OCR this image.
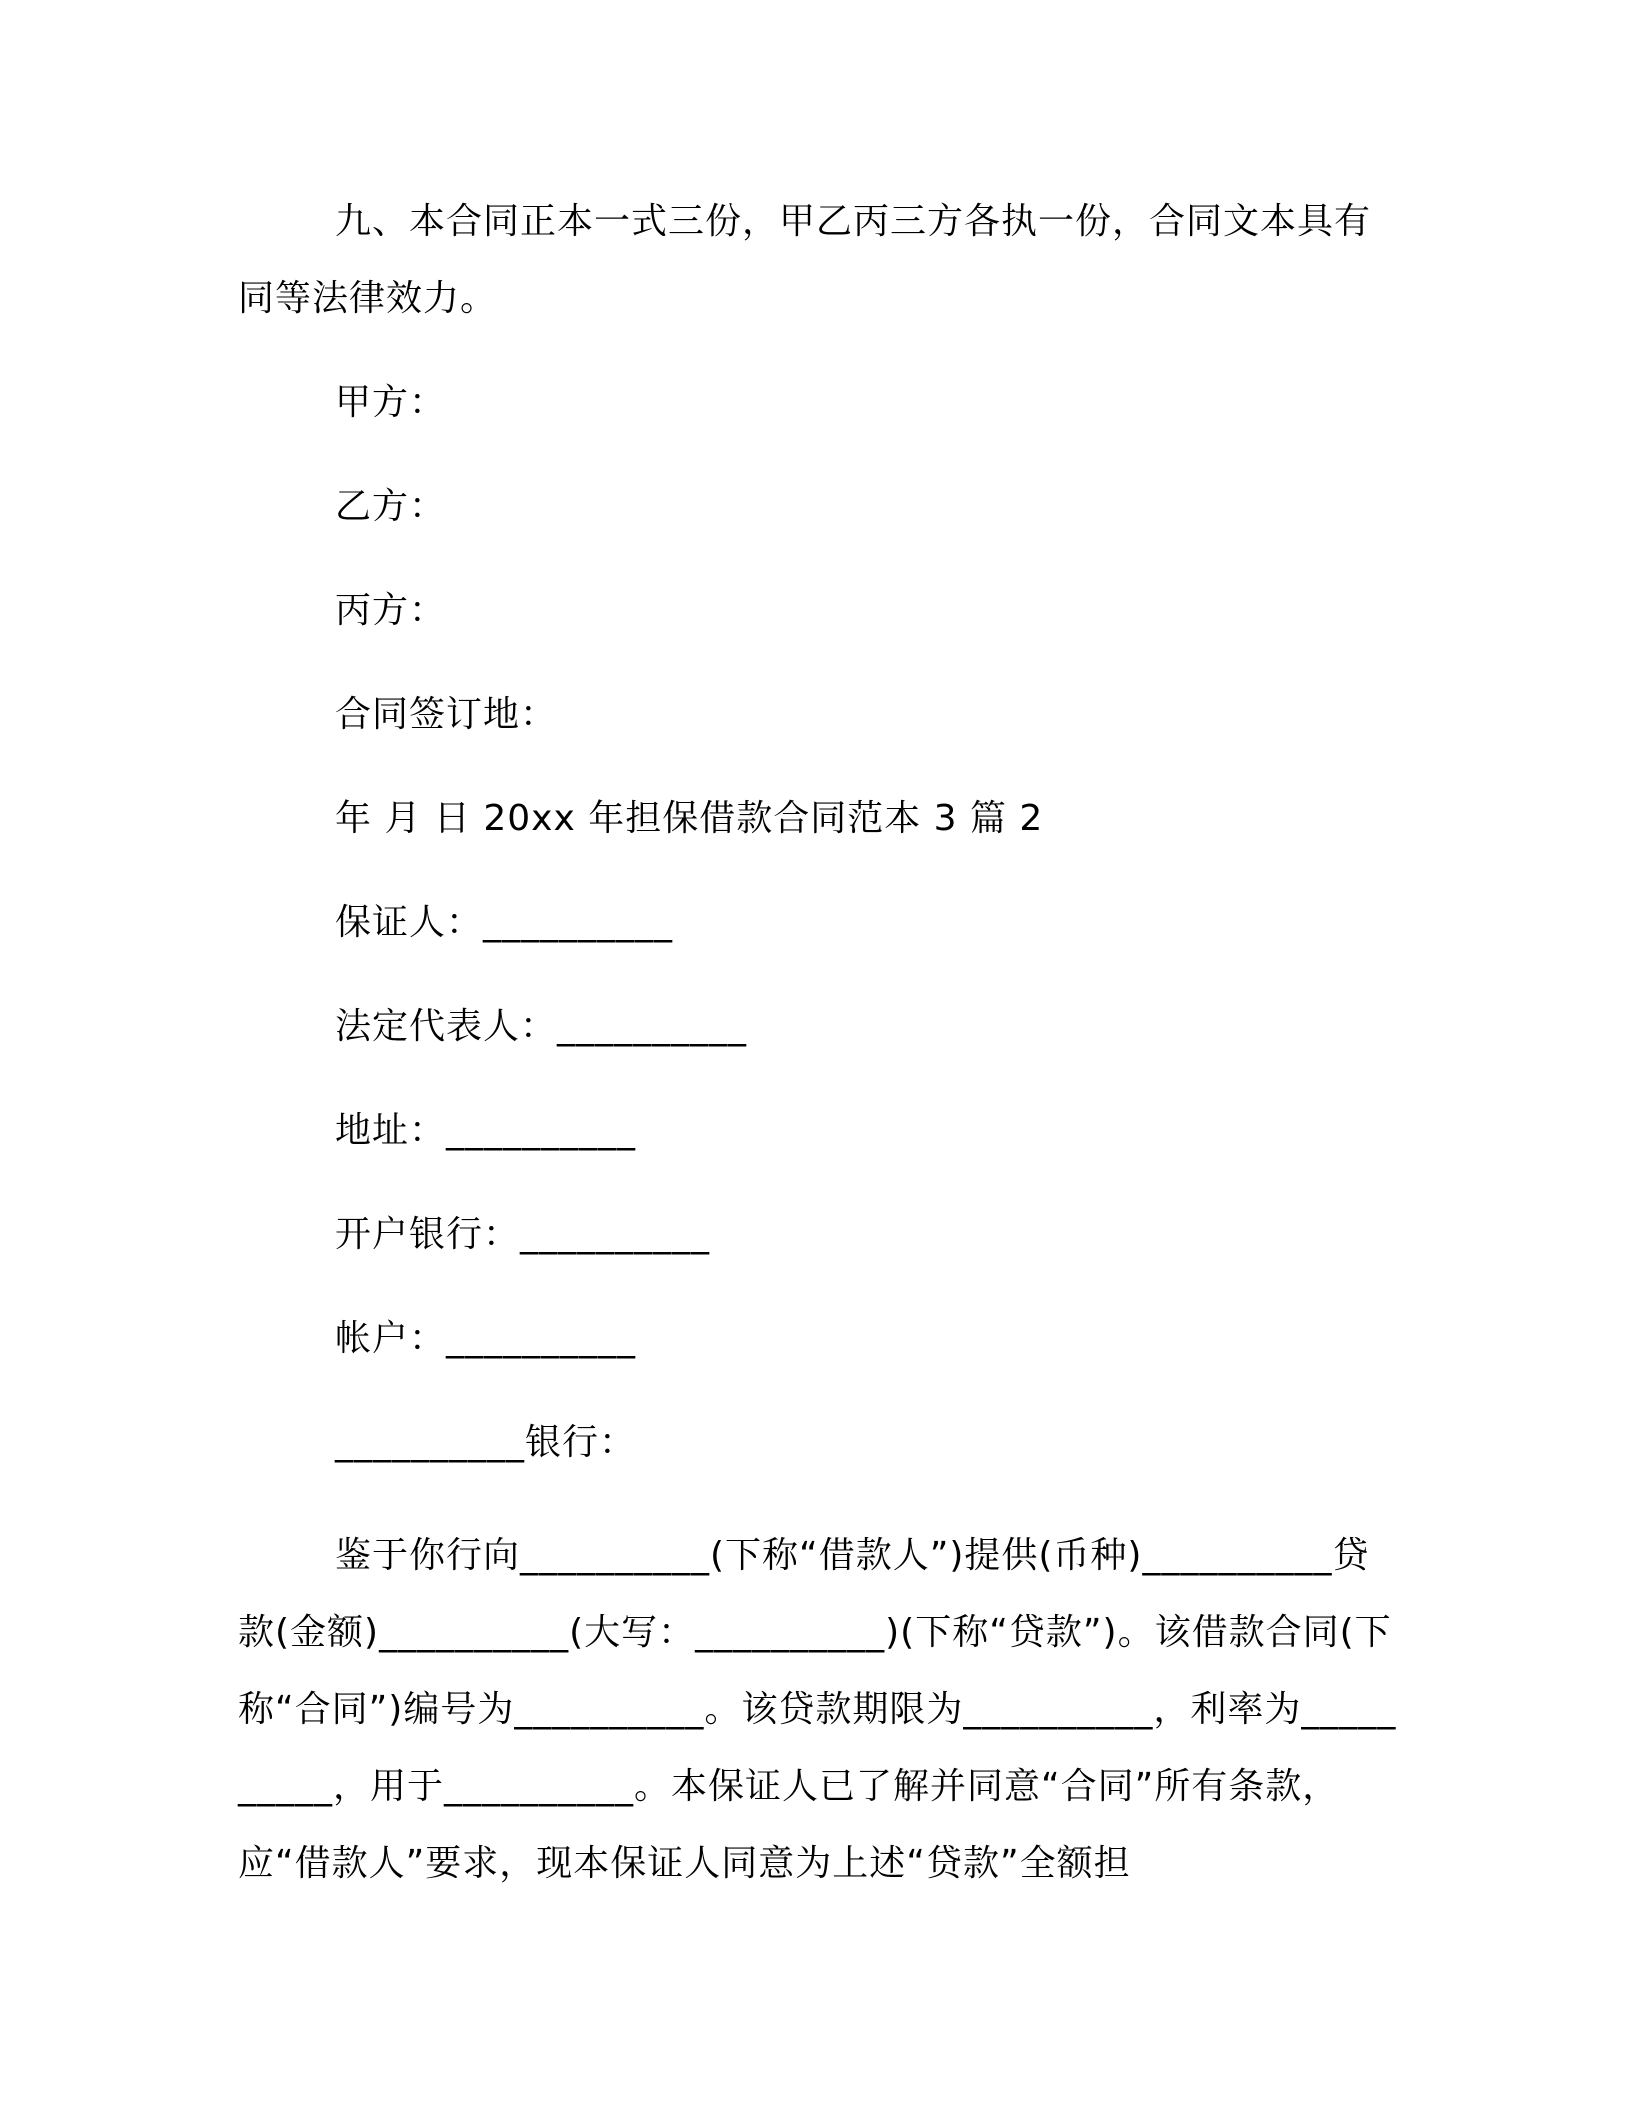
九、本合同正本一式三份，甲乙丙三方各执一份，合同文本具有同等法律效力。

甲方：

乙方：

丙方：

合同签订地：

年 月 日 20xx 年担保借款合同范本 3 篇 2

保证人：__________

法定代表人：__________

地址：__________

开户银行：__________

帐户：__________

__________银行：

鉴于你行向__________(下称“借款人”)提供(币种)__________贷款(金额)__________(大写：__________)(下称“贷款”)。该借款合同(下称“合同”)编号为__________。该贷款期限为__________，利率为__________，用于__________。本保证人已了解并同意“合同”所有条款，应“借款人”要求，现本保证人同意为上述“贷款”全额担
